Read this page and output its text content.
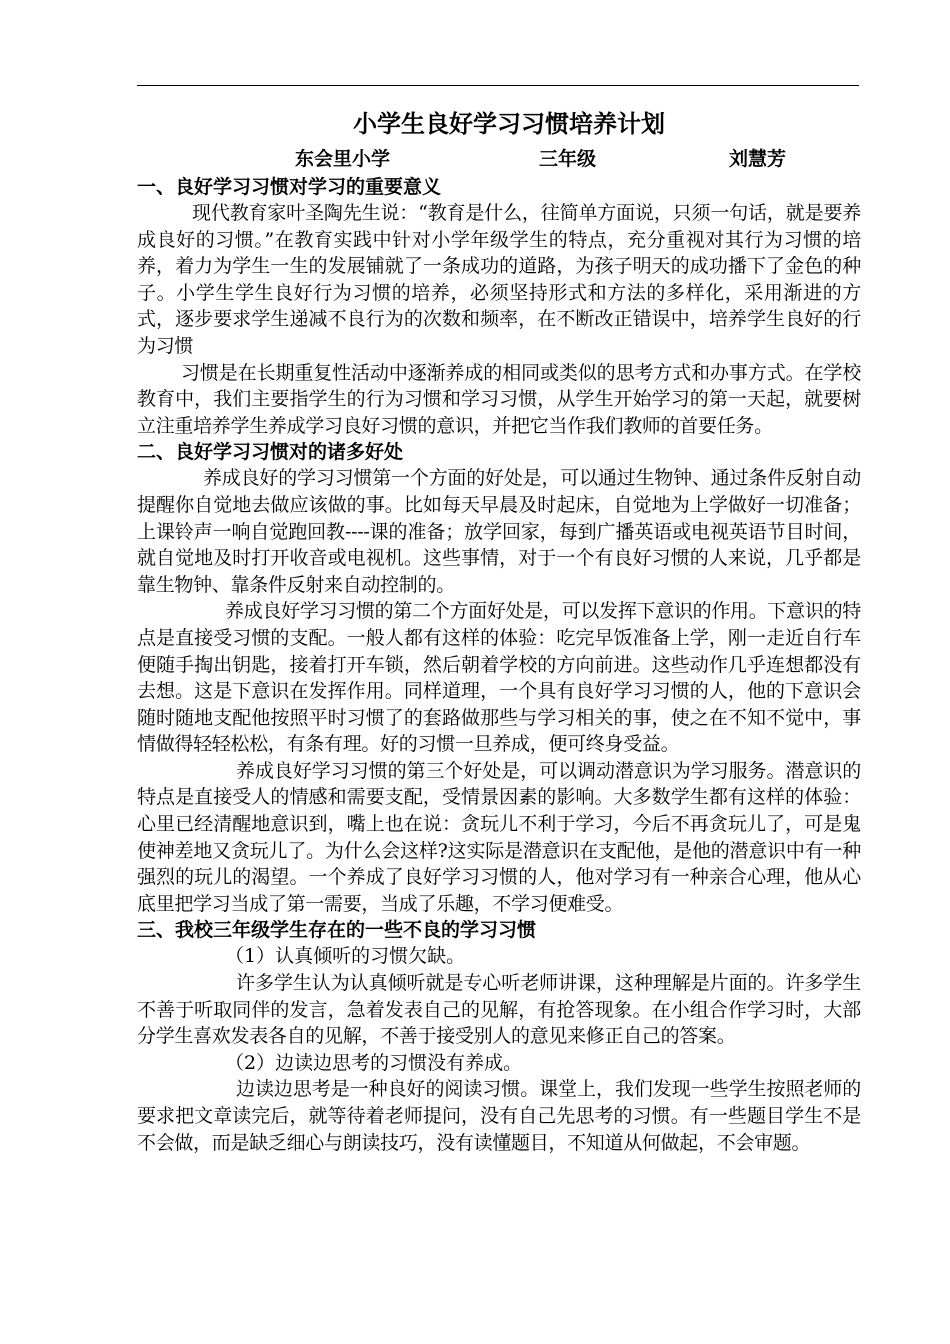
小学生良好学习习惯培养计划
东会里小学	三年级	刘慧芳

一、良好学习习惯对学习的重要意义

现代教育家叶圣陶先生说：“教育是什么，往简单方面说，只须一句话，就是要养成良好的习惯。”在教育实践中针对小学年级学生的特点，充分重视对其行为习惯的培养，着力为学生一生的发展铺就了一条成功的道路，为孩子明天的成功播下了金色的种子。小学生学生良好行为习惯的培养，必须坚持形式和方法的多样化，采用渐进的方式，逐步要求学生递减不良行为的次数和频率，在不断改正错误中，培养学生良好的行为习惯

习惯是在长期重复性活动中逐渐养成的相同或类似的思考方式和办事方式。在学校教育中，我们主要指学生的行为习惯和学习习惯，从学生开始学习的第一天起，就要树立注重培养学生养成学习良好习惯的意识，并把它当作我们教师的首要任务。

二、良好学习习惯对的诸多好处

养成良好的学习习惯第一个方面的好处是，可以通过生物钟、通过条件反射自动提醒你自觉地去做应该做的事。比如每天早晨及时起床，自觉地为上学做好一切准备；上课铃声一响自觉跑回教----课的准备；放学回家，每到广播英语或电视英语节目时间，就自觉地及时打开收音或电视机。这些事情，对于一个有良好习惯的人来说，几乎都是靠生物钟、靠条件反射来自动控制的。

养成良好学习习惯的第二个方面好处是，可以发挥下意识的作用。下意识的特点是直接受习惯的支配。一般人都有这样的体验：吃完早饭准备上学，刚一走近自行车便随手掏出钥匙，接着打开车锁，然后朝着学校的方向前进。这些动作几乎连想都没有去想。这是下意识在发挥作用。同样道理，一个具有良好学习习惯的人，他的下意识会随时随地支配他按照平时习惯了的套路做那些与学习相关的事，使之在不知不觉中，事情做得轻轻松松，有条有理。好的习惯一旦养成，便可终身受益。

养成良好学习习惯的第三个好处是，可以调动潜意识为学习服务。潜意识的特点是直接受人的情感和需要支配，受情景因素的影响。大多数学生都有这样的体验：心里已经清醒地意识到，嘴上也在说：贪玩儿不利于学习，今后不再贪玩儿了，可是鬼使神差地又贪玩儿了。为什么会这样?这实际是潜意识在支配他，是他的潜意识中有一种强烈的玩儿的渴望。一个养成了良好学习习惯的人，他对学习有一种亲合心理，他从心底里把学习当成了第一需要，当成了乐趣，不学习便难受。

三、我校三年级学生存在的一些不良的学习习惯

（1）认真倾听的习惯欠缺。

许多学生认为认真倾听就是专心听老师讲课，这种理解是片面的。许多学生不善于听取同伴的发言，急着发表自己的见解，有抢答现象。在小组合作学习时，大部分学生喜欢发表各自的见解，不善于接受别人的意见来修正自己的答案。

（2）边读边思考的习惯没有养成。

边读边思考是一种良好的阅读习惯。课堂上，我们发现一些学生按照老师的要求把文章读完后，就等待着老师提问，没有自己先思考的习惯。有一些题目学生不是不会做，而是缺乏细心与朗读技巧，没有读懂题目，不知道从何做起，不会审题。
